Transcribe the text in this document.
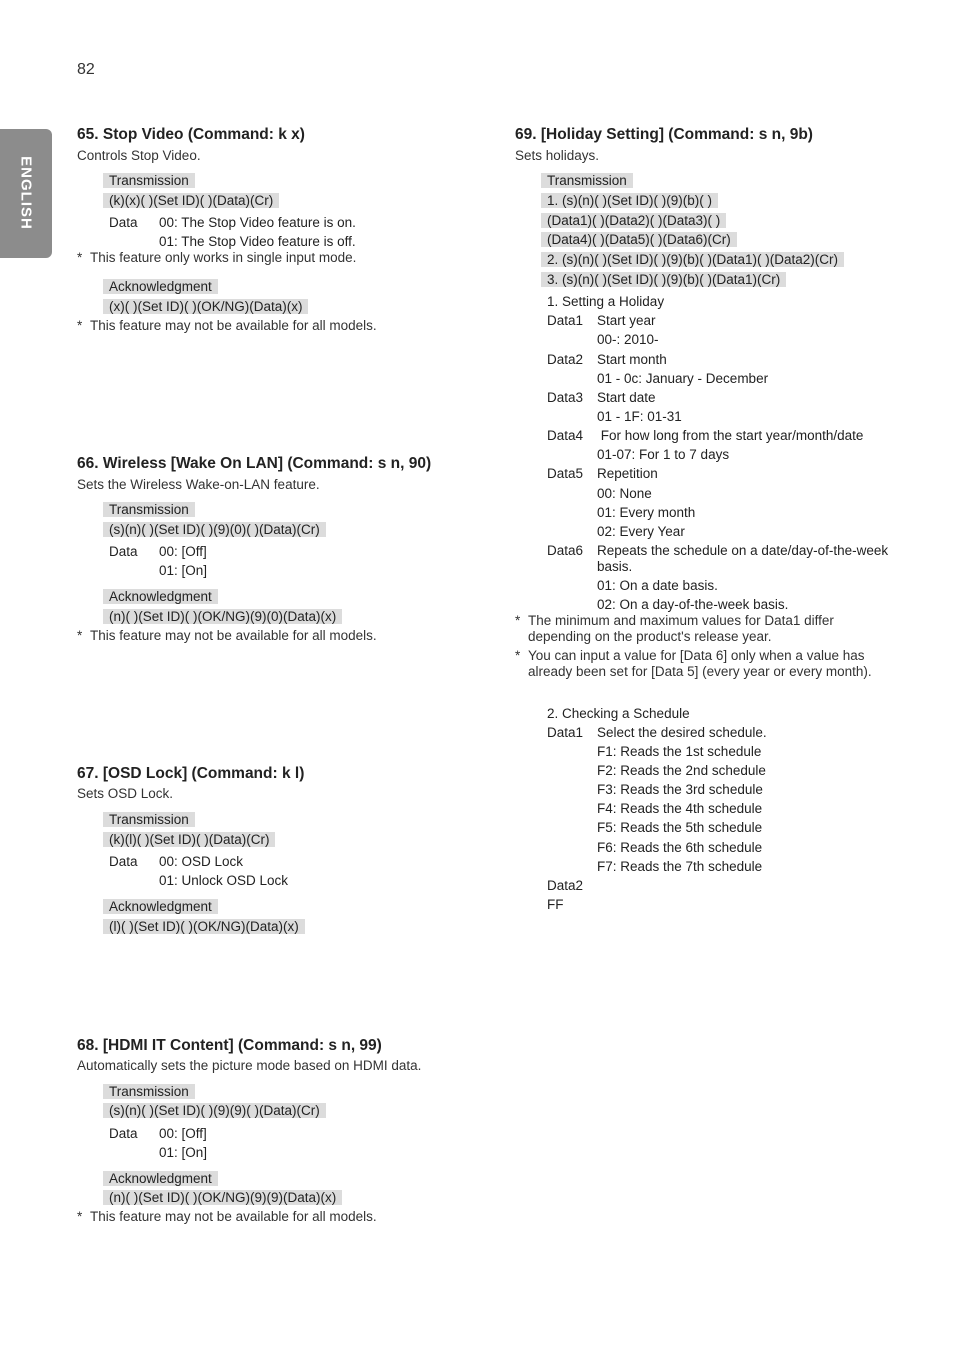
82
ENGLISH
65. Stop Video (Command: k x)
Controls Stop Video.
Transmission
(k)(x)( )(Set ID)( )(Data)(Cr)
Data 00: The Stop Video feature is on.
01: The Stop Video feature is off.
* This feature only works in single input mode.
Acknowledgment
(x)( )(Set ID)( )(OK/NG)(Data)(x)
* This feature may not be available for all models.
66. Wireless [Wake On LAN] (Command: s n, 90)
Sets the Wireless Wake-on-LAN feature.
Transmission
(s)(n)( )(Set ID)( )(9)(0)( )(Data)(Cr)
Data 00: [Off]
01: [On]
Acknowledgment
(n)( )(Set ID)( )(OK/NG)(9)(0)(Data)(x)
* This feature may not be available for all models.
67. [OSD Lock] (Command: k l)
Sets OSD Lock.
Transmission
(k)(l)( )(Set ID)( )(Data)(Cr)
Data 00: OSD Lock
01: Unlock OSD Lock
Acknowledgment
(l)( )(Set ID)( )(OK/NG)(Data)(x)
68. [HDMI IT Content] (Command: s n, 99)
Automatically sets the picture mode based on HDMI data.
Transmission
(s)(n)( )(Set ID)( )(9)(9)( )(Data)(Cr)
Data 00: [Off]
01: [On]
Acknowledgment
(n)( )(Set ID)( )(OK/NG)(9)(9)(Data)(x)
* This feature may not be available for all models.
69. [Holiday Setting] (Command: s n, 9b)
Sets holidays.
Transmission
1. (s)(n)( )(Set ID)( )(9)(b)( )
(Data1)( )(Data2)( )(Data3)( )
(Data4)( )(Data5)( )(Data6)(Cr)
2. (s)(n)( )(Set ID)( )(9)(b)( )(Data1)( )(Data2)(Cr)
3. (s)(n)( )(Set ID)( )(9)(b)( )(Data1)(Cr)
1. Setting a Holiday
Data1 Start year
00-: 2010-
Data2 Start month
01 - 0c: January - December
Data3 Start date
01 - 1F: 01-31
Data4 For how long from the start year/month/date
01-07: For 1 to 7 days
Data5 Repetition
00: None
01: Every month
02: Every Year
Data6 Repeats the schedule on a date/day-of-the-week basis.
01: On a date basis.
02: On a day-of-the-week basis.
* The minimum and maximum values for Data1 differ depending on the product's release year.
* You can input a value for [Data 6] only when a value has already been set for [Data 5] (every year or every month).
2. Checking a Schedule
Data1 Select the desired schedule.
F1: Reads the 1st schedule
F2: Reads the 2nd schedule
F3: Reads the 3rd schedule
F4: Reads the 4th schedule
F5: Reads the 5th schedule
F6: Reads the 6th schedule
F7: Reads the 7th schedule
Data2
FF
